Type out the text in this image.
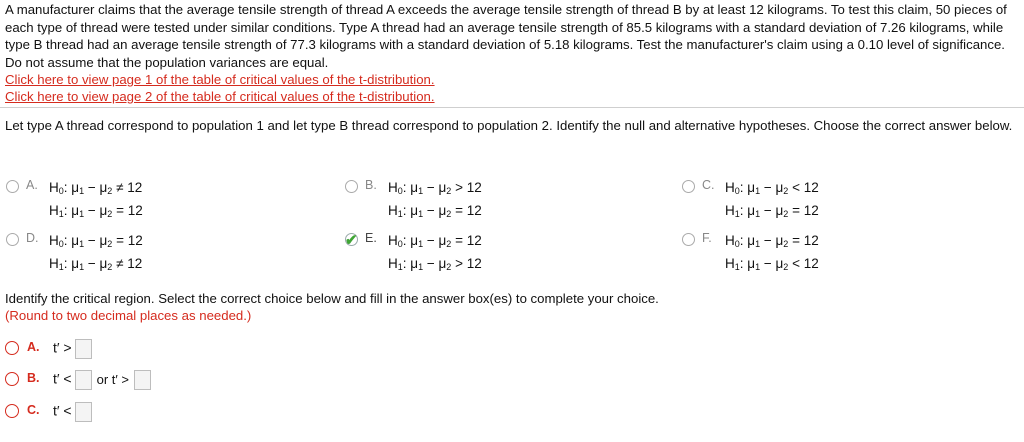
A manufacturer claims that the average tensile strength of thread A exceeds the average tensile strength of thread B by at least 12 kilograms. To test this claim, 50 pieces of each type of thread were tested under similar conditions. Type A thread had an average tensile strength of 85.5 kilograms with a standard deviation of 7.26 kilograms, while type B thread had an average tensile strength of 77.3 kilograms with a standard deviation of 5.18 kilograms. Test the manufacturer's claim using a 0.10 level of significance. Do not assume that the population variances are equal.

Click here to view page 1 of the table of critical values of the t-distribution.
Click here to view page 2 of the table of critical values of the t-distribution.
Let type A thread correspond to population 1 and let type B thread correspond to population 2. Identify the null and alternative hypotheses. Choose the correct answer below.
A. $H_0$: $\mu_1 - \mu_2 \ne 12$
$H_1$: $\mu_1 - \mu_2 = 12$
B. $H_0$: $\mu_1 - \mu_2 > 12$
$H_1$: $\mu_1 - \mu_2 = 12$
C. $H_0$: $\mu_1 - \mu_2 < 12$
$H_1$: $\mu_1 - \mu_2 = 12$
D. $H_0$: $\mu_1 - \mu_2 = 12$
$H_1$: $\mu_1 - \mu_2 \ne 12$
✔ E. $H_0$: $\mu_1 - \mu_2 = 12$
$H_1$: $\mu_1 - \mu_2 > 12$
F. $H_0$: $\mu_1 - \mu_2 = 12$
$H_1$: $\mu_1 - \mu_2 < 12$
Identify the critical region. Select the correct choice below and fill in the answer box(es) to complete your choice.
(Round to two decimal places as needed.)
A. t′ >
B. t′ < or t′ >
C. t′ <
